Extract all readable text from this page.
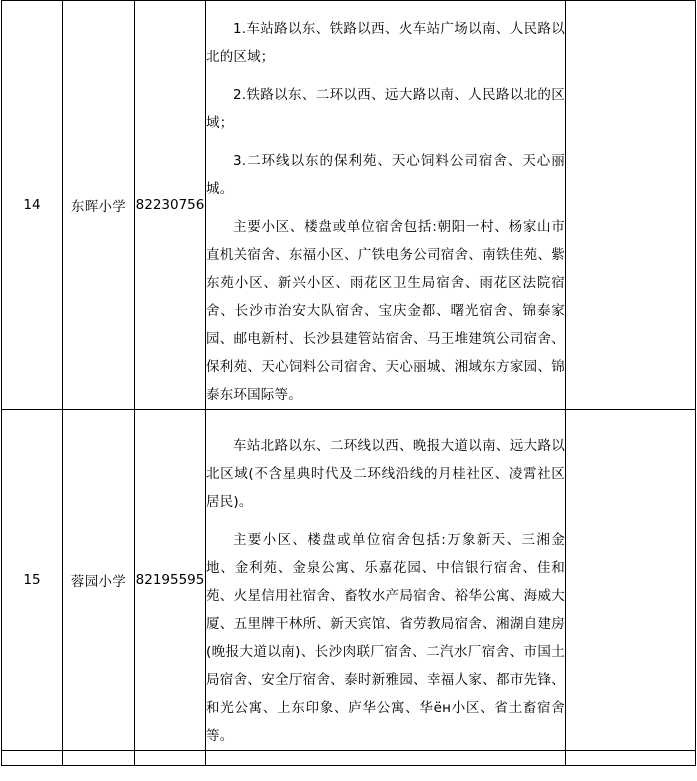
14	东晖小学	82230756	1.车站路以东、铁路以西、火车站广场以南、人民路以北的区域；

2.铁路以东、二环以西、远大路以南、人民路以北的区域；

3.二环线以东的保利苑、天心饲料公司宿舍、天心丽城。

主要小区、楼盘或单位宿舍包括:朝阳一村、杨家山市直机关宿舍、东福小区、广铁电务公司宿舍、南铁佳苑、紫东苑小区、新兴小区、雨花区卫生局宿舍、雨花区法院宿舍、长沙市治安大队宿舍、宝庆金都、曙光宿舍、锦泰家园、邮电新村、长沙县建管站宿舍、马王堆建筑公司宿舍、保利苑、天心饲料公司宿舍、天心丽城、湘域东方家园、锦泰东环国际等。	

15	蓉园小学	82195595	车站北路以东、二环线以西、晚报大道以南、远大路以北区域(不含星典时代及二环线沿线的月桂社区、凌霄社区居民)。

主要小区、楼盘或单位宿舍包括:万象新天、三湘金地、金利苑、金泉公寓、乐嘉花园、中信银行宿舍、佳和苑、火星信用社宿舍、畜牧水产局宿舍、裕华公寓、海威大厦、五里牌干林所、新天宾馆、省劳教局宿舍、湘湖自建房(晚报大道以南)、长沙肉联厂宿舍、二汽水厂宿舍、市国土局宿舍、安全厅宿舍、泰时新雅园、幸福人家、都市先锋、和光公寓、上东印象、庐华公寓、华ён小区、省土畜宿舍等。	
